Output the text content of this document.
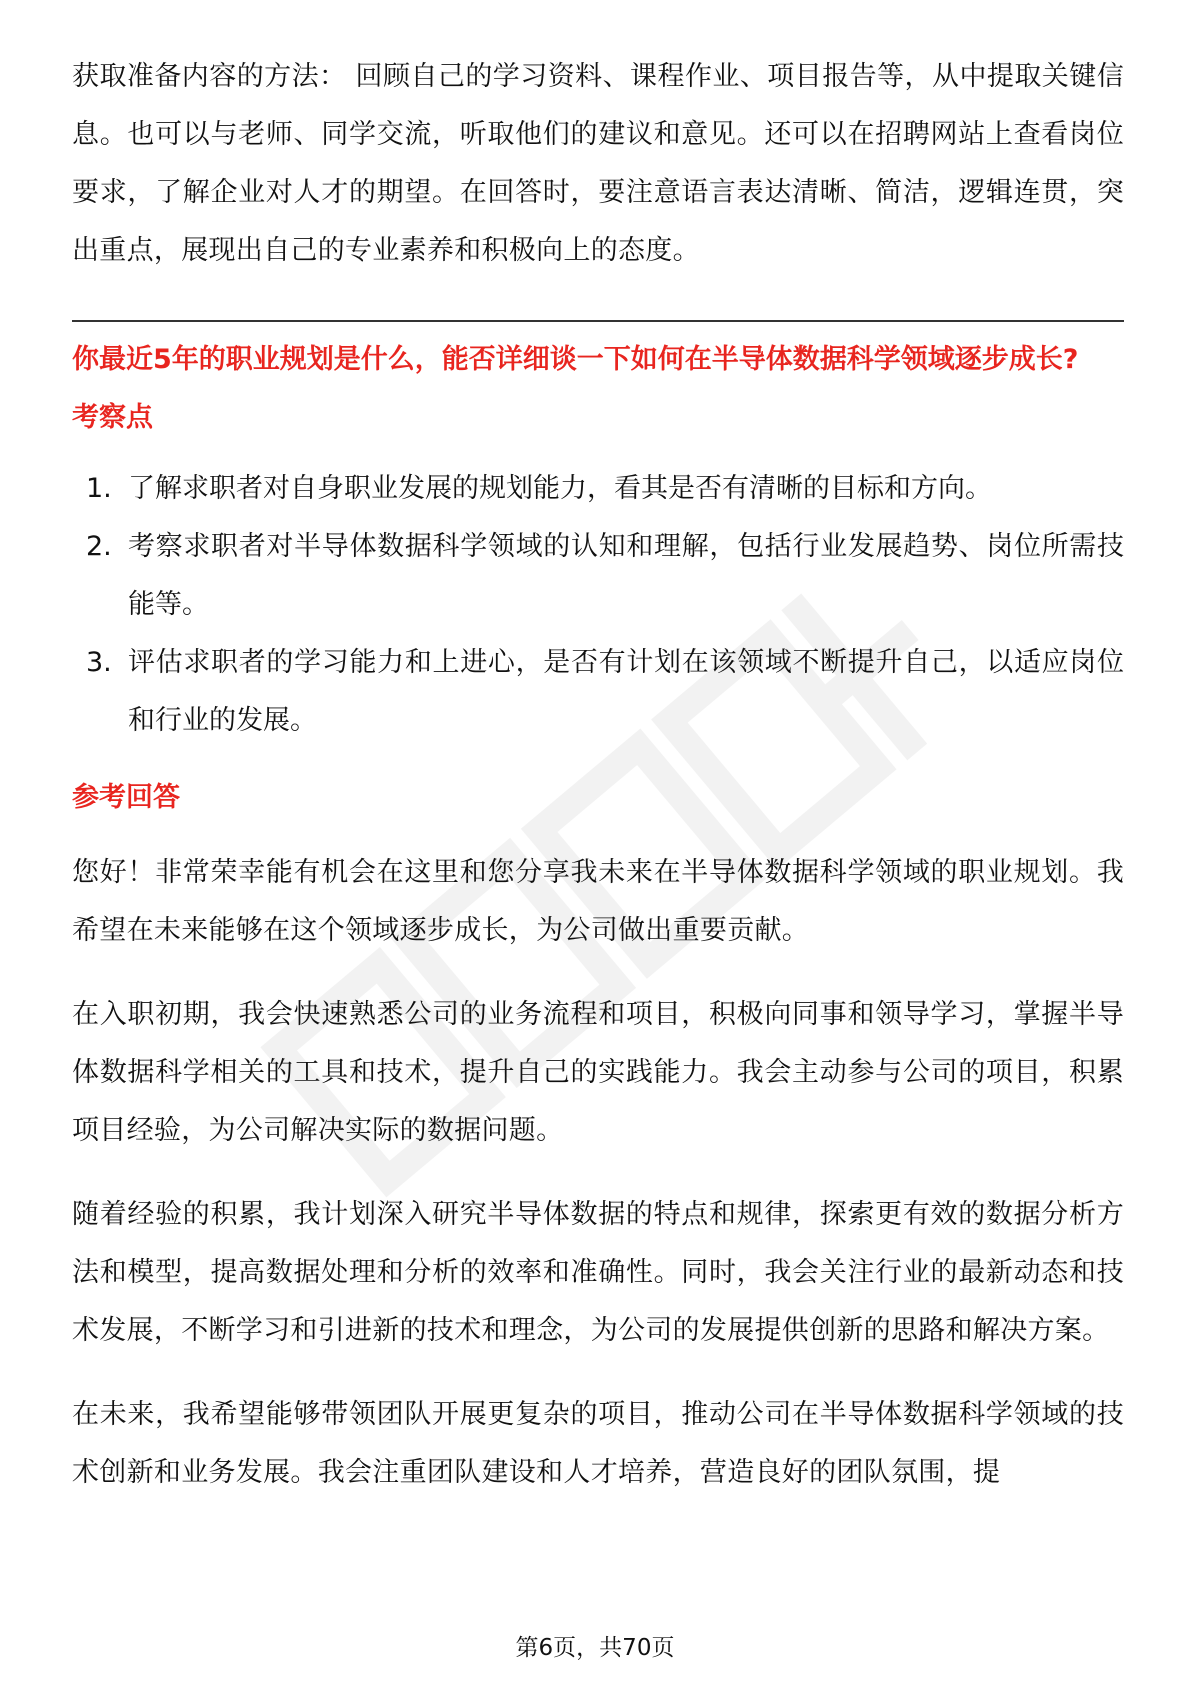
获取准备内容的方法： 回顾自己的学习资料、课程作业、项目报告等，从中提取关键信息。也可以与老师、同学交流，听取他们的建议和意见。还可以在招聘网站上查看岗位要求，了解企业对人才的期望。在回答时，要注意语言表达清晰、简洁，逻辑连贯，突出重点，展现出自己的专业素养和积极向上的态度。

你最近5年的职业规划是什么，能否详细谈一下如何在半导体数据科学领域逐步成长?

考察点

1. 了解求职者对自身职业发展的规划能力，看其是否有清晰的目标和方向。
2. 考察求职者对半导体数据科学领域的认知和理解，包括行业发展趋势、岗位所需技能等。
3. 评估求职者的学习能力和上进心，是否有计划在该领域不断提升自己，以适应岗位和行业的发展。

参考回答

您好！非常荣幸能有机会在这里和您分享我未来在半导体数据科学领域的职业规划。我希望在未来能够在这个领域逐步成长，为公司做出重要贡献。

在入职初期，我会快速熟悉公司的业务流程和项目，积极向同事和领导学习，掌握半导体数据科学相关的工具和技术，提升自己的实践能力。我会主动参与公司的项目，积累项目经验，为公司解决实际的数据问题。

随着经验的积累，我计划深入研究半导体数据的特点和规律，探索更有效的数据分析方法和模型，提高数据处理和分析的效率和准确性。同时，我会关注行业的最新动态和技术发展，不断学习和引进新的技术和理念，为公司的发展提供创新的思路和解决方案。

在未来，我希望能够带领团队开展更复杂的项目，推动公司在半导体数据科学领域的技术创新和业务发展。我会注重团队建设和人才培养，营造良好的团队氛围，提

第6页，共70页
